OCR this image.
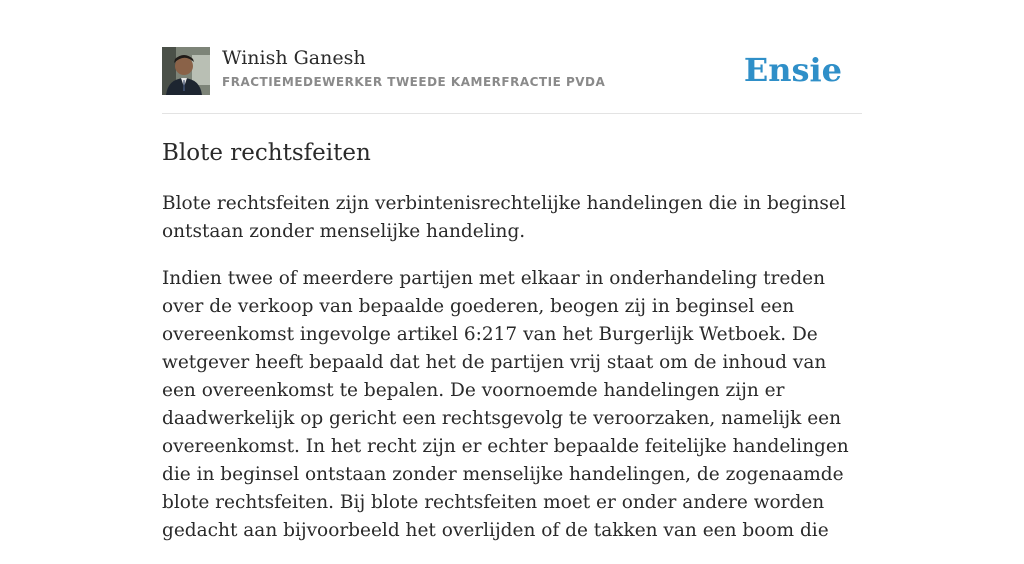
Winish Ganesh
FRACTIEMEDEWERKER TWEEDE KAMERFRACTIE PVDA	Ensie
Blote rechtsfeiten

Blote rechtsfeiten zijn verbintenisrechtelijke handelingen die in beginsel ontstaan zonder menselijke handeling.

Indien twee of meerdere partijen met elkaar in onderhandeling treden over de verkoop van bepaalde goederen, beogen zij in beginsel een overeenkomst ingevolge artikel 6:217 van het Burgerlijk Wetboek. De wetgever heeft bepaald dat het de partijen vrij staat om de inhoud van een overeenkomst te bepalen. De voornoemde handelingen zijn er daadwerkelijk op gericht een rechtsgevolg te veroorzaken, namelijk een overeenkomst. In het recht zijn er echter bepaalde feitelijke handelingen die in beginsel ontstaan zonder menselijke handelingen, de zogenaamde blote rechtsfeiten. Bij blote rechtsfeiten moet er onder andere worden gedacht aan bijvoorbeeld het overlijden of de takken van een boom die
